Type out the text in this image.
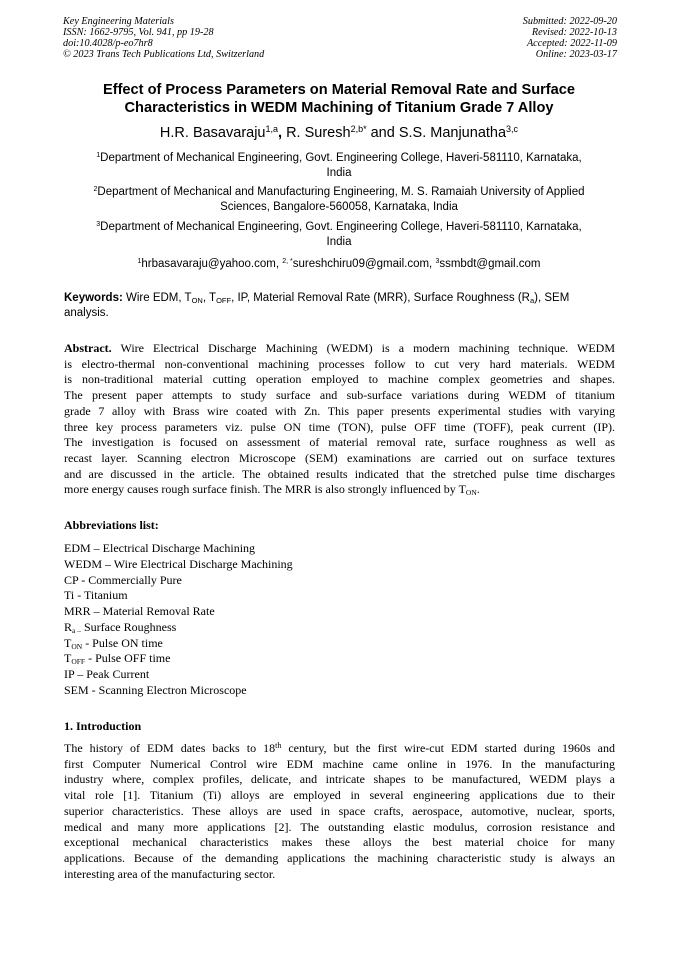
Key Engineering Materials
ISSN: 1662-9795, Vol. 941, pp 19-28
doi:10.4028/p-eo7hr8
© 2023 Trans Tech Publications Ltd, Switzerland
Submitted: 2022-09-20
Revised: 2022-10-13
Accepted: 2022-11-09
Online: 2023-03-17
Effect of Process Parameters on Material Removal Rate and Surface
Characteristics in WEDM Machining of Titanium Grade 7 Alloy
H.R. Basavaraju$^{1,a}$, R. Suresh$^{2,b*}$ and S.S. Manjunatha$^{3,c}$
$^1$Department of Mechanical Engineering, Govt. Engineering College, Haveri-581110, Karnataka,
India
$^2$Department of Mechanical and Manufacturing Engineering, M. S. Ramaiah University of Applied
Sciences, Bangalore-560058, Karnataka, India
$^3$Department of Mechanical Engineering, Govt. Engineering College, Haveri-581110, Karnataka,
India
$^1$hrbasavaraju@yahoo.com, $^{2, *}$sureshchiru09@gmail.com, $^3$ssmbdt@gmail.com
Keywords: Wire EDM, $T_{ON}$, $T_{OFF}$, IP, Material Removal Rate (MRR), Surface Roughness $(R_a)$, SEM
analysis.
Abstract. Wire Electrical Discharge Machining (WEDM) is a modern machining technique. WEDM
is electro-thermal non-conventional machining processes follow to cut very hard materials. WEDM
is non-traditional material cutting operation employed to machine complex geometries and shapes.
The present paper attempts to study surface and sub-surface variations during WEDM of titanium
grade 7 alloy with Brass wire coated with Zn. This paper presents experimental studies with varying
three key process parameters viz. pulse ON time (TON), pulse OFF time (TOFF), peak current (IP).
The investigation is focused on assessment of material removal rate, surface roughness as well as
recast layer. Scanning electron Microscope (SEM) examinations are carried out on surface textures
and are discussed in the article. The obtained results indicated that the stretched pulse time discharges
more energy causes rough surface finish. The MRR is also strongly influenced by $T_{ON}$.
Abbreviations list:
EDM – Electrical Discharge Machining
WEDM – Wire Electrical Discharge Machining
CP - Commercially Pure
Ti - Titanium
MRR – Material Removal Rate
$R_{a -}$ Surface Roughness
$T_{ON}$ - Pulse ON time
$T_{OFF}$ - Pulse OFF time
IP – Peak Current
SEM - Scanning Electron Microscope
1. Introduction
The history of EDM dates backs to 18th century, but the first wire-cut EDM started during 1960s and
first Computer Numerical Control wire EDM machine came online in 1976. In the manufacturing
industry where, complex profiles, delicate, and intricate shapes to be manufactured, WEDM plays a
vital role [1]. Titanium (Ti) alloys are employed in several engineering applications due to their
superior characteristics. These alloys are used in space crafts, aerospace, automotive, nuclear, sports,
medical and many more applications [2]. The outstanding elastic modulus, corrosion resistance and
exceptional mechanical characteristics makes these alloys the best material choice for many
applications. Because of the demanding applications the machining characteristic study is always an
interesting area of the manufacturing sector.
